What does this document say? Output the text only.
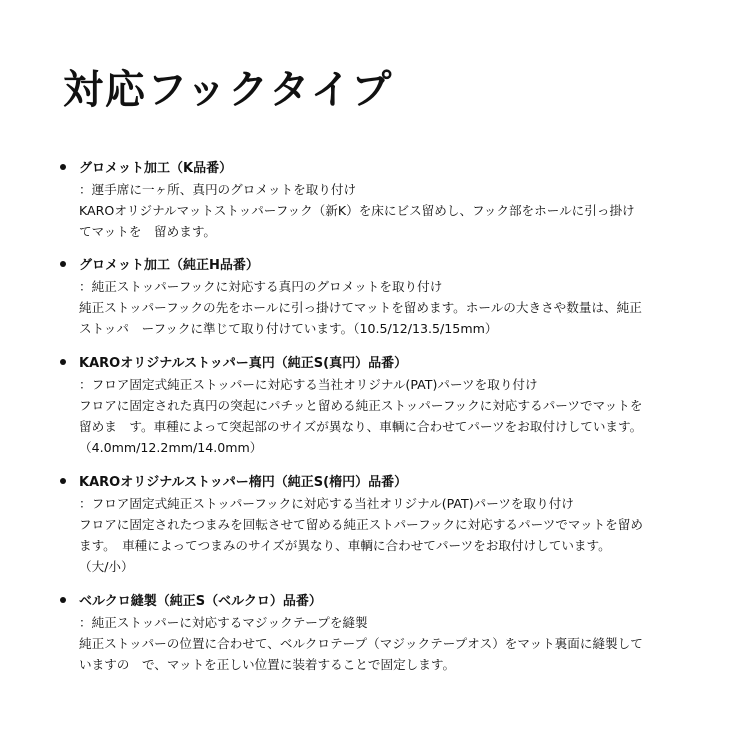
対応フックタイプ
グロメット加工（K品番）
：運手席に一ヶ所、真円のグロメットを取り付け
KAROオリジナルマットストッパーフック（新K）を床にビス留めし、フック部をホールに引っ掛け
てマットを　留めます。
グロメット加工（純正H品番）
：純正ストッパーフックに対応する真円のグロメットを取り付け
純正ストッパーフックの先をホールに引っ掛けてマットを留めます。ホールの大きさや数量は、純正
ストッパ　ーフックに準じて取り付けています。（10.5/12/13.5/15mm）
KAROオリジナルストッパー真円（純正S(真円）品番）
：フロア固定式純正ストッパーに対応する当社オリジナル(PAT)パーツを取り付け
フロアに固定された真円の突起にパチッと留める純正ストッパーフックに対応するパーツでマットを
留めま　す。車種によって突起部のサイズが異なり、車輌に合わせてパーツをお取付けしています。
（4.0mm/12.2mm/14.0mm）
KAROオリジナルストッパー楕円（純正S(楕円）品番）
：フロア固定式純正ストッパーフックに対応する当社オリジナル(PAT)パーツを取り付け
フロアに固定されたつまみを回転させて留める純正ストパーフックに対応するパーツでマットを留め
ます。　車種によってつまみのサイズが異なり、車輌に合わせてパーツをお取付けしています。
（大/小）
ベルクロ縫製（純正S（ベルクロ）品番）
：純正ストッパーに対応するマジックテープを縫製
純正ストッパーの位置に合わせて、ベルクロテープ（マジックテープオス）をマット裏面に縫製して
いますの　で、マットを正しい位置に装着することで固定します。
